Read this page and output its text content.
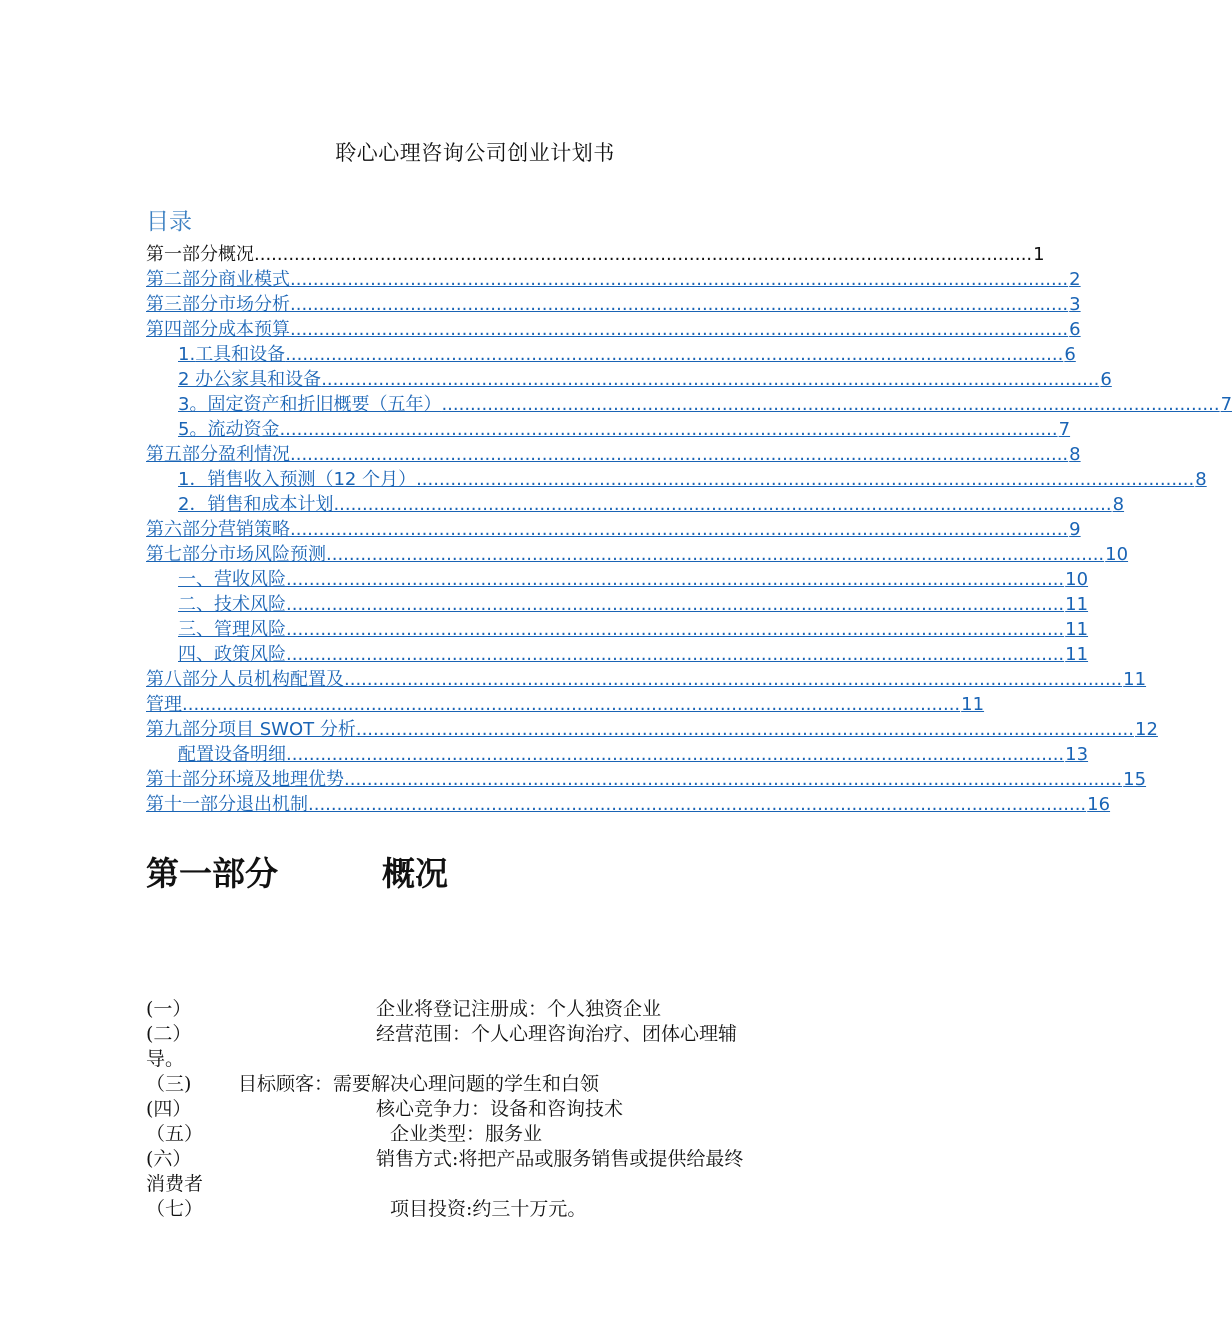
聆心心理咨询公司创业计划书
目录
第一部分 概况 ........................................................................................................................................ 1
第二部分 商业模式 ........................................................................................................................................ 2
第三部分 市场分析 ........................................................................................................................................ 3
第四部分 成本预算 ........................................................................................................................................ 6
1. 工具和设备 ........................................................................................................................................ 6
2 办公家具和设备 ........................................................................................................................................ 6
3。 固定资产和折旧概要（五年） ........................................................................................................................................ 7
5。流动资金 ........................................................................................................................................ 7
第五部分 盈利情况 ........................................................................................................................................ 8
1． 销售收入预测（12 个月） ........................................................................................................................................ 8
2． 销售和成本计划 ........................................................................................................................................ 8
第六部分 营销策略 ........................................................................................................................................ 9
第七部分 市场风险预测 ........................................................................................................................................ 10
一、营收风险 ........................................................................................................................................ 10
二、技术风险 ........................................................................................................................................ 11
三、 管理风险 ........................................................................................................................................ 11
四、政策风险 ........................................................................................................................................ 11
第八部分 人员机构配置及 ........................................................................................................................................ 11
管理 ........................................................................................................................................ 11
第九部分 项目 SWOT 分析 ........................................................................................................................................ 12
配置设备明细 ........................................................................................................................................ 13
第十部分 环境及地理优势 ........................................................................................................................................ 15
第十一部分 退出机制 ........................................................................................................................................ 16
第一部分	概况
(一）	企业将登记注册成：个人独资企业
(二）	经营范围：个人心理咨询治疗、团体心理辅
导。
（三) 目标顾客：需要解决心理问题的学生和白领
(四）	核心竞争力：设备和咨询技术
（五）	企业类型：服务业
(六）	销售方式:将把产品或服务销售或提供给最终
消费者
（七）	项目投资:约三十万元。
